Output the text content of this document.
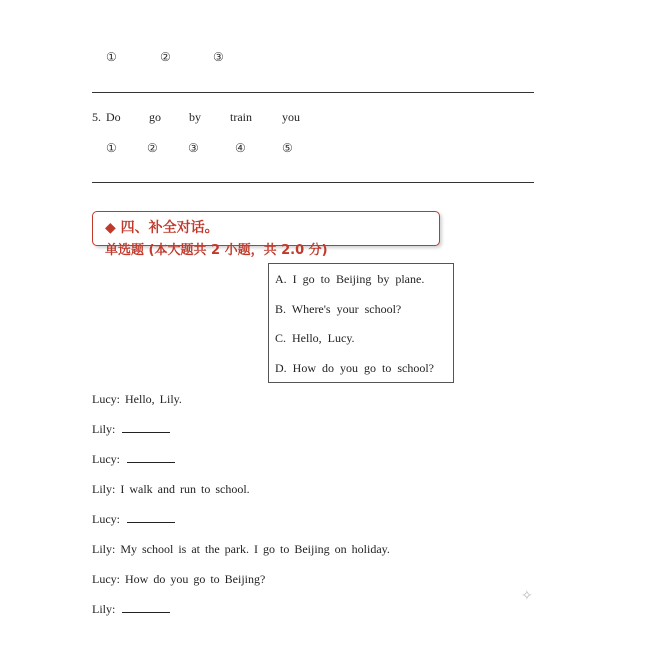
①	②	③
5. Do go by train	you
①	②	③	④	⑤
◆ 四、补全对话。
单选题 (本大题共 2 小题，共 2.0 分)
A. I go to Beijing by plane.
B. Where's your school?
C. Hello, Lucy.
D. How do you go to school?
Lucy: Hello, Lily.
Lily:
Lucy:
Lily: I walk and run to school.
Lucy:
Lily: My school is at the park. I go to Beijing on holiday.
Lucy: How do you go to Beijing?
Lily:
✧
